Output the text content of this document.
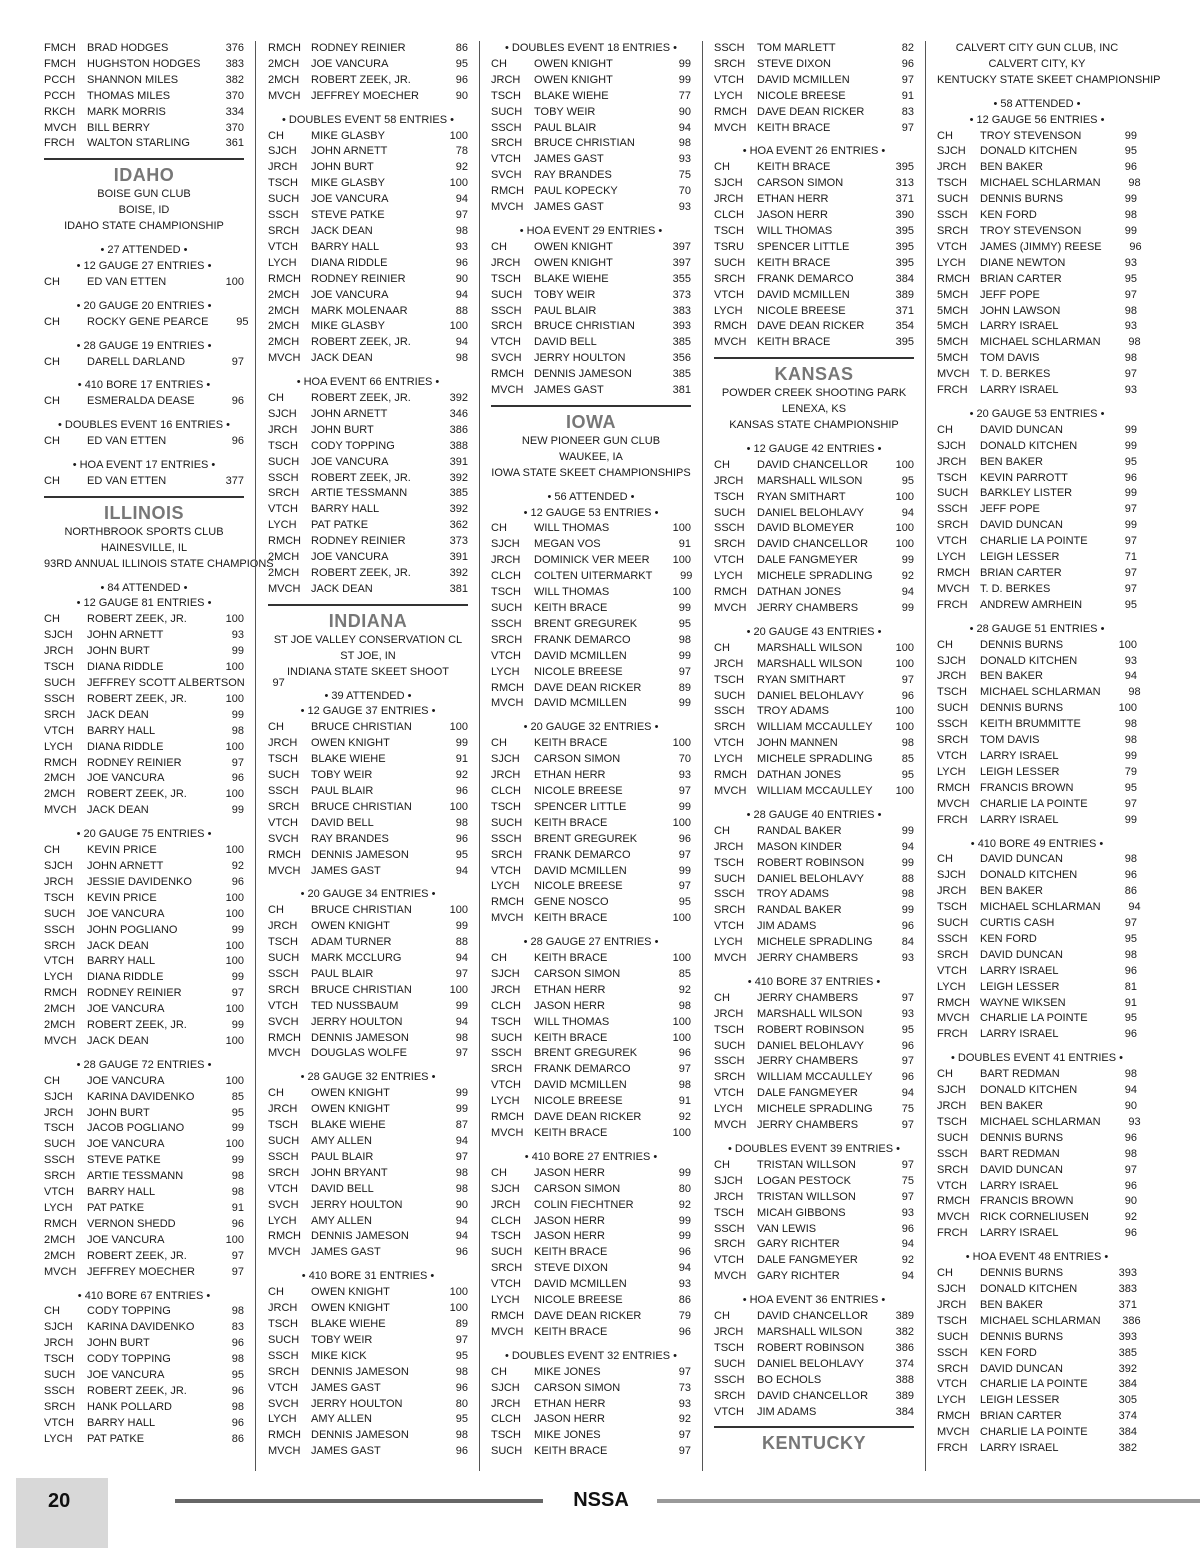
FMCH	BRAD HODGES	376
FMCH	HUGHSTON HODGES	383
PCCH	SHANNON MILES	382
PCCH	THOMAS MILES	370
RKCH	MARK MORRIS	334
MVCH BILL BERRY	370
FRCH	WALTON STARLING	361
IDAHO
BOISE GUN CLUB
BOISE, ID
IDAHO STATE CHAMPIONSHIP
• 27 ATTENDED •
• 12 GAUGE 27 ENTRIES •
CH	ED VAN ETTEN	100
• 20 GAUGE 20 ENTRIES •
CH	ROCKY GENE PEARCE	95
• 28 GAUGE 19 ENTRIES •
CH	DARELL DARLAND	97
• 410 BORE 17 ENTRIES •
CH	ESMERALDA DEASE	96
• DOUBLES EVENT 16 ENTRIES •
CH	ED VAN ETTEN	96
• HOA EVENT 17 ENTRIES •
CH	ED VAN ETTEN	377
ILLINOIS
NORTHBROOK SPORTS CLUB
HAINESVILLE, IL
93RD ANNUAL ILLINOIS STATE CHAMPIONS
• 84 ATTENDED •
• 12 GAUGE 81 ENTRIES •
CH	ROBERT ZEEK, JR.	100
SJCH	JOHN ARNETT	93
JRCH	JOHN BURT	99
TSCH	DIANA RIDDLE	100
SUCH	JEFFREY SCOTT ALBERTSON	97
SSCH	ROBERT ZEEK, JR.	100
SRCH	JACK DEAN	99
VTCH	BARRY HALL	98
LYCH	DIANA RIDDLE	100
RMCH RODNEY REINIER	97
2MCH	JOE VANCURA	96
2MCH	ROBERT ZEEK, JR.	100
MVCH JACK DEAN	99
• 20 GAUGE 75 ENTRIES •
CH	KEVIN PRICE	100
SJCH	JOHN ARNETT	92
JRCH	JESSIE DAVIDENKO	96
TSCH	KEVIN PRICE	100
SUCH	JOE VANCURA	100
SSCH	JOHN POGLIANO	99
SRCH	JACK DEAN	100
VTCH	BARRY HALL	100
LYCH	DIANA RIDDLE	99
RMCH RODNEY REINIER	97
2MCH	JOE VANCURA	100
2MCH	ROBERT ZEEK, JR.	99
MVCH JACK DEAN	100
• 28 GAUGE 72 ENTRIES •
CH	JOE VANCURA	100
SJCH	KARINA DAVIDENKO	85
JRCH	JOHN BURT	95
TSCH	JACOB POGLIANO	99
SUCH	JOE VANCURA	100
SSCH	STEVE PATKE	99
SRCH	ARTIE TESSMANN	98
VTCH	BARRY HALL	98
LYCH	PAT PATKE	91
RMCH VERNON SHEDD	96
2MCH	JOE VANCURA	100
2MCH	ROBERT ZEEK, JR.	97
MVCH JEFFREY MOECHER	97
• 410 BORE 67 ENTRIES •
CH	CODY TOPPING	98
SJCH	KARINA DAVIDENKO	83
JRCH	JOHN BURT	96
TSCH	CODY TOPPING	98
SUCH	JOE VANCURA	95
SSCH	ROBERT ZEEK, JR.	96
SRCH	HANK POLLARD	98
VTCH	BARRY HALL	96
LYCH	PAT PATKE	86
RMCH RODNEY REINIER	86
2MCH	JOE VANCURA	95
2MCH	ROBERT ZEEK, JR.	96
MVCH JEFFREY MOECHER	90
• DOUBLES EVENT 58 ENTRIES •
CH	MIKE GLASBY	100
SJCH	JOHN ARNETT	78
JRCH	JOHN BURT	92
TSCH	MIKE GLASBY	100
SUCH	JOE VANCURA	94
SSCH	STEVE PATKE	97
SRCH	JACK DEAN	98
VTCH	BARRY HALL	93
LYCH	DIANA RIDDLE	96
RMCH RODNEY REINIER	90
2MCH	JOE VANCURA	94
2MCH	MARK MOLENAAR	88
2MCH	MIKE GLASBY	100
2MCH	ROBERT ZEEK, JR.	94
MVCH JACK DEAN	98
• HOA EVENT 66 ENTRIES •
CH	ROBERT ZEEK, JR.	392
SJCH	JOHN ARNETT	346
JRCH	JOHN BURT	386
TSCH	CODY TOPPING	388
SUCH	JOE VANCURA	391
SSCH	ROBERT ZEEK, JR.	392
SRCH	ARTIE TESSMANN	385
VTCH	BARRY HALL	392
LYCH	PAT PATKE	362
RMCH RODNEY REINIER	373
2MCH	JOE VANCURA	391
2MCH	ROBERT ZEEK, JR.	392
MVCH JACK DEAN	381
INDIANA
ST JOE VALLEY CONSERVATION CL
ST JOE, IN
INDIANA STATE SKEET SHOOT
• 39 ATTENDED •
• 12 GAUGE 37 ENTRIES •
CH	BRUCE CHRISTIAN	100
JRCH	OWEN KNIGHT	99
TSCH	BLAKE WIEHE	91
SUCH	TOBY WEIR	92
SSCH	PAUL BLAIR	96
SRCH	BRUCE CHRISTIAN	100
VTCH	DAVID BELL	98
SVCH	RAY BRANDES	96
RMCH DENNIS JAMESON	95
MVCH JAMES GAST	94
• 20 GAUGE 34 ENTRIES •
CH	BRUCE CHRISTIAN	100
JRCH	OWEN KNIGHT	99
TSCH	ADAM TURNER	88
SUCH	MARK MCCLURG	94
SSCH	PAUL BLAIR	97
SRCH	BRUCE CHRISTIAN	100
VTCH	TED NUSSBAUM	99
SVCH	JERRY HOULTON	94
RMCH DENNIS JAMESON	98
MVCH DOUGLAS WOLFE	97
• 28 GAUGE 32 ENTRIES •
CH	OWEN KNIGHT	99
JRCH	OWEN KNIGHT	99
TSCH	BLAKE WIEHE	87
SUCH	AMY ALLEN	94
SSCH	PAUL BLAIR	97
SRCH	JOHN BRYANT	98
VTCH	DAVID BELL	98
SVCH	JERRY HOULTON	90
LYCH	AMY ALLEN	94
RMCH DENNIS JAMESON	94
MVCH JAMES GAST	96
• 410 BORE 31 ENTRIES •
CH	OWEN KNIGHT	100
JRCH	OWEN KNIGHT	100
TSCH	BLAKE WIEHE	89
SUCH	TOBY WEIR	97
SSCH	MIKE KICK	95
SRCH	DENNIS JAMESON	98
VTCH	JAMES GAST	96
SVCH	JERRY HOULTON	80
LYCH	AMY ALLEN	95
RMCH DENNIS JAMESON	98
MVCH JAMES GAST	96
• DOUBLES EVENT 18 ENTRIES •
CH	OWEN KNIGHT	99
JRCH	OWEN KNIGHT	99
TSCH	BLAKE WIEHE	77
SUCH	TOBY WEIR	90
SSCH	PAUL BLAIR	94
SRCH	BRUCE CHRISTIAN	98
VTCH	JAMES GAST	93
SVCH	RAY BRANDES	75
RMCH PAUL KOPECKY	70
MVCH JAMES GAST	93
• HOA EVENT 29 ENTRIES •
CH	OWEN KNIGHT	397
JRCH	OWEN KNIGHT	397
TSCH	BLAKE WIEHE	355
SUCH	TOBY WEIR	373
SSCH	PAUL BLAIR	383
SRCH	BRUCE CHRISTIAN	393
VTCH	DAVID BELL	385
SVCH	JERRY HOULTON	356
RMCH DENNIS JAMESON	385
MVCH JAMES GAST	381
IOWA
NEW PIONEER GUN CLUB
WAUKEE, IA
IOWA STATE SKEET CHAMPIONSHIPS
• 56 ATTENDED •
• 12 GAUGE 53 ENTRIES •
CH	WILL THOMAS	100
SJCH	MEGAN VOS	91
JRCH	DOMINICK VER MEER	100
CLCH	COLTEN UITERMARKT	99
TSCH	WILL THOMAS	100
SUCH	KEITH BRACE	99
SSCH	BRENT GREGUREK	95
SRCH	FRANK DEMARCO	98
VTCH	DAVID MCMILLEN	99
LYCH	NICOLE BREESE	97
RMCH DAVE DEAN RICKER	89
MVCH DAVID MCMILLEN	99
• 20 GAUGE 32 ENTRIES •
CH	KEITH BRACE	100
SJCH	CARSON SIMON	70
JRCH	ETHAN HERR	93
CLCH	NICOLE BREESE	97
TSCH	SPENCER LITTLE	99
SUCH	KEITH BRACE	100
SSCH	BRENT GREGUREK	96
SRCH	FRANK DEMARCO	97
VTCH	DAVID MCMILLEN	99
LYCH	NICOLE BREESE	97
RMCH GENE NOSCO	95
MVCH KEITH BRACE	100
• 28 GAUGE 27 ENTRIES •
CH	KEITH BRACE	100
SJCH	CARSON SIMON	85
JRCH	ETHAN HERR	92
CLCH	JASON HERR	98
TSCH	WILL THOMAS	100
SUCH	KEITH BRACE	100
SSCH	BRENT GREGUREK	96
SRCH	FRANK DEMARCO	97
VTCH	DAVID MCMILLEN	98
LYCH	NICOLE BREESE	91
RMCH DAVE DEAN RICKER	92
MVCH KEITH BRACE	100
• 410 BORE 27 ENTRIES •
CH	JASON HERR	99
SJCH	CARSON SIMON	80
JRCH	COLIN FIECHTNER	92
CLCH	JASON HERR	99
TSCH	JASON HERR	99
SUCH	KEITH BRACE	96
SRCH	STEVE DIXON	94
VTCH	DAVID MCMILLEN	93
LYCH	NICOLE BREESE	86
RMCH DAVE DEAN RICKER	79
MVCH KEITH BRACE	96
• DOUBLES EVENT 32 ENTRIES •
CH	MIKE JONES	97
SJCH	CARSON SIMON	73
JRCH	ETHAN HERR	93
CLCH	JASON HERR	92
TSCH	MIKE JONES	97
SUCH	KEITH BRACE	97
SSCH	TOM MARLETT	82
SRCH	STEVE DIXON	96
VTCH	DAVID MCMILLEN	97
LYCH	NICOLE BREESE	91
RMCH DAVE DEAN RICKER	83
MVCH KEITH BRACE	97
• HOA EVENT 26 ENTRIES •
CH	KEITH BRACE	395
SJCH	CARSON SIMON	313
JRCH	ETHAN HERR	371
CLCH	JASON HERR	390
TSCH	WILL THOMAS	395
TSRU	SPENCER LITTLE	395
SUCH	KEITH BRACE	395
SRCH	FRANK DEMARCO	384
VTCH	DAVID MCMILLEN	389
LYCH	NICOLE BREESE	371
RMCH DAVE DEAN RICKER	354
MVCH KEITH BRACE	395
KANSAS
POWDER CREEK SHOOTING PARK
LENEXA, KS
KANSAS STATE CHAMPIONSHIP
• 12 GAUGE 42 ENTRIES •
CH	DAVID CHANCELLOR	100
JRCH	MARSHALL WILSON	95
TSCH	RYAN SMITHART	100
SUCH	DANIEL BELOHLAVY	94
SSCH	DAVID BLOMEYER	100
SRCH	DAVID CHANCELLOR	100
VTCH	DALE FANGMEYER	99
LYCH	MICHELE SPRADLING	92
RMCH DATHAN JONES	94
MVCH JERRY CHAMBERS	99
• 20 GAUGE 43 ENTRIES •
CH	MARSHALL WILSON	100
JRCH	MARSHALL WILSON	100
TSCH	RYAN SMITHART	97
SUCH	DANIEL BELOHLAVY	96
SSCH	TROY ADAMS	100
SRCH	WILLIAM MCCAULLEY	100
VTCH	JOHN MANNEN	98
LYCH	MICHELE SPRADLING	85
RMCH DATHAN JONES	95
MVCH WILLIAM MCCAULLEY	100
• 28 GAUGE 40 ENTRIES •
CH	RANDAL BAKER	99
JRCH	MASON KINDER	94
TSCH	ROBERT ROBINSON	99
SUCH	DANIEL BELOHLAVY	88
SSCH	TROY ADAMS	98
SRCH	RANDAL BAKER	99
VTCH	JIM ADAMS	96
LYCH	MICHELE SPRADLING	84
MVCH JERRY CHAMBERS	93
• 410 BORE 37 ENTRIES •
CH	JERRY CHAMBERS	97
JRCH	MARSHALL WILSON	93
TSCH	ROBERT ROBINSON	95
SUCH	DANIEL BELOHLAVY	96
SSCH	JERRY CHAMBERS	97
SRCH	WILLIAM MCCAULLEY	96
VTCH	DALE FANGMEYER	94
LYCH	MICHELE SPRADLING	75
MVCH JERRY CHAMBERS	97
• DOUBLES EVENT 39 ENTRIES •
CH	TRISTAN WILLSON	97
SJCH	LOGAN PESTOCK	75
JRCH	TRISTAN WILLSON	97
TSCH	MICAH GIBBONS	93
SSCH	VAN LEWIS	96
SRCH	GARY RICHTER	94
VTCH	DALE FANGMEYER	92
MVCH GARY RICHTER	94
• HOA EVENT 36 ENTRIES •
CH	DAVID CHANCELLOR	389
JRCH	MARSHALL WILSON	382
TSCH	ROBERT ROBINSON	386
SUCH	DANIEL BELOHLAVY	374
SSCH	BO ECHOLS	388
SRCH	DAVID CHANCELLOR	389
VTCH	JIM ADAMS	384
KENTUCKY
CALVERT CITY GUN CLUB, INC
CALVERT CITY, KY
KENTUCKY STATE SKEET CHAMPIONSHIP
• 58 ATTENDED •
• 12 GAUGE 56 ENTRIES •
CH	TROY STEVENSON	99
SJCH	DONALD KITCHEN	95
JRCH	BEN BAKER	96
TSCH	MICHAEL SCHLARMAN	98
SUCH	DENNIS BURNS	99
SSCH	KEN FORD	98
SRCH	TROY STEVENSON	99
VTCH	JAMES (JIMMY) REESE	96
LYCH	DIANE NEWTON	93
RMCH BRIAN CARTER	95
5MCH	JEFF POPE	97
5MCH	JOHN LAWSON	98
5MCH	LARRY ISRAEL	93
5MCH	MICHAEL SCHLARMAN	98
5MCH	TOM DAVIS	98
MVCH T. D. BERKES	97
FRCH	LARRY ISRAEL	93
• 20 GAUGE 53 ENTRIES •
CH	DAVID DUNCAN	99
SJCH	DONALD KITCHEN	99
JRCH	BEN BAKER	95
TSCH	KEVIN PARROTT	96
SUCH	BARKLEY LISTER	99
SSCH	JEFF POPE	97
SRCH	DAVID DUNCAN	99
VTCH	CHARLIE LA POINTE	97
LYCH	LEIGH LESSER	71
RMCH BRIAN CARTER	97
MVCH T. D. BERKES	97
FRCH	ANDREW AMRHEIN	95
• 28 GAUGE 51 ENTRIES •
CH	DENNIS BURNS	100
SJCH	DONALD KITCHEN	93
JRCH	BEN BAKER	94
TSCH	MICHAEL SCHLARMAN	98
SUCH	DENNIS BURNS	100
SSCH	KEITH BRUMMITTE	98
SRCH	TOM DAVIS	98
VTCH	LARRY ISRAEL	99
LYCH	LEIGH LESSER	79
RMCH FRANCIS BROWN	95
MVCH CHARLIE LA POINTE	97
FRCH	LARRY ISRAEL	99
• 410 BORE 49 ENTRIES •
CH	DAVID DUNCAN	98
SJCH	DONALD KITCHEN	96
JRCH	BEN BAKER	86
TSCH	MICHAEL SCHLARMAN	94
SUCH	CURTIS CASH	97
SSCH	KEN FORD	95
SRCH	DAVID DUNCAN	98
VTCH	LARRY ISRAEL	96
LYCH	LEIGH LESSER	81
RMCH WAYNE WIKSEN	91
MVCH CHARLIE LA POINTE	95
FRCH	LARRY ISRAEL	96
• DOUBLES EVENT 41 ENTRIES •
CH	BART REDMAN	98
SJCH	DONALD KITCHEN	94
JRCH	BEN BAKER	90
TSCH	MICHAEL SCHLARMAN	93
SUCH	DENNIS BURNS	96
SSCH	BART REDMAN	98
SRCH	DAVID DUNCAN	97
VTCH	LARRY ISRAEL	96
RMCH FRANCIS BROWN	90
MVCH RICK CORNELIUSEN	92
FRCH	LARRY ISRAEL	96
• HOA EVENT 48 ENTRIES •
CH	DENNIS BURNS	393
SJCH	DONALD KITCHEN	383
JRCH	BEN BAKER	371
TSCH	MICHAEL SCHLARMAN	386
SUCH	DENNIS BURNS	393
SSCH	KEN FORD	385
SRCH	DAVID DUNCAN	392
VTCH	CHARLIE LA POINTE	384
LYCH	LEIGH LESSER	305
RMCH BRIAN CARTER	374
MVCH CHARLIE LA POINTE	384
FRCH	LARRY ISRAEL	382
20	NSSA
